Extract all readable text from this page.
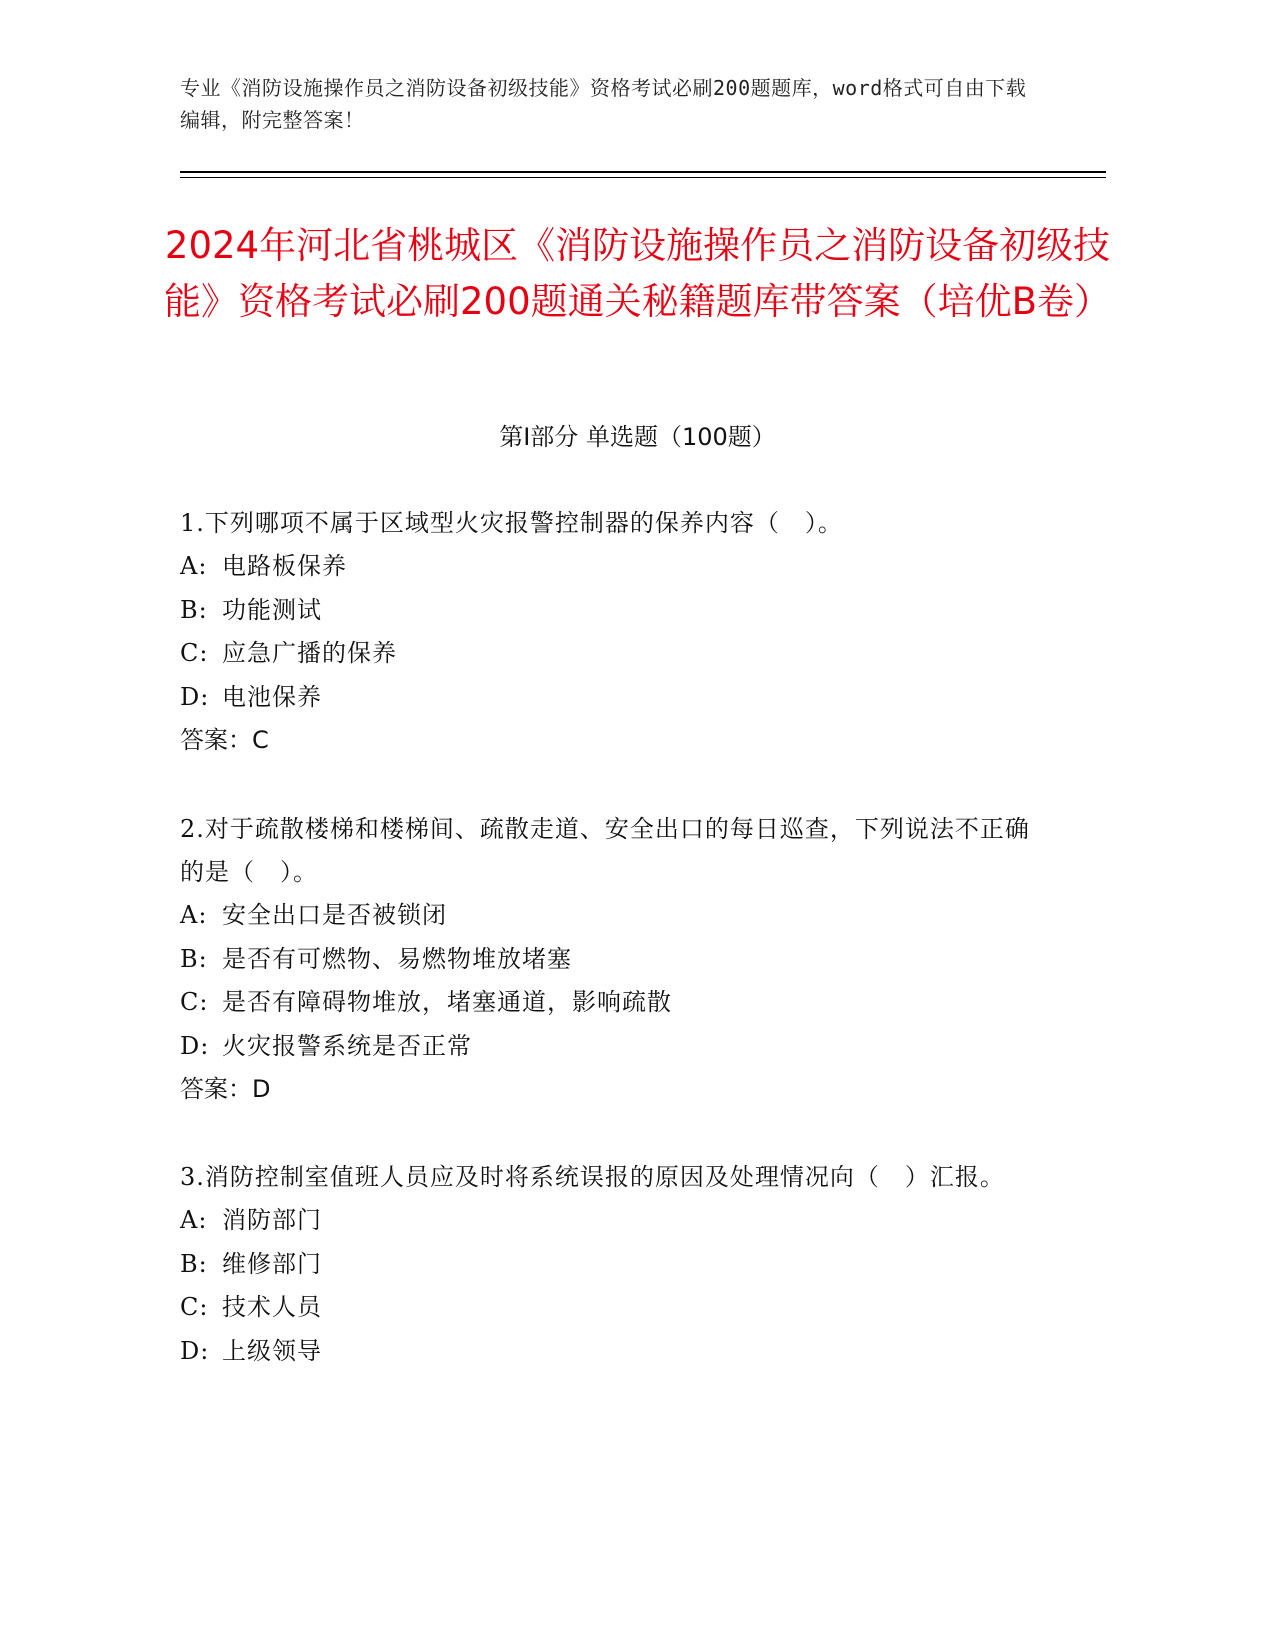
专业《消防设施操作员之消防设备初级技能》资格考试必刷200题题库，word格式可自由下载编辑，附完整答案！
2024年河北省桃城区《消防设施操作员之消防设备初级技能》资格考试必刷200题通关秘籍题库带答案（培优B卷）
第Ⅰ部分 单选题（100题）
1.下列哪项不属于区域型火灾报警控制器的保养内容（　）。
A: 电路板保养
B: 功能测试
C: 应急广播的保养
D: 电池保养
答案：C
2.对于疏散楼梯和楼梯间、疏散走道、安全出口的每日巡查，下列说法不正确的是（　）。
A: 安全出口是否被锁闭
B: 是否有可燃物、易燃物堆放堵塞
C: 是否有障碍物堆放，堵塞通道，影响疏散
D: 火灾报警系统是否正常
答案：D
3.消防控制室值班人员应及时将系统误报的原因及处理情况向（　）汇报。
A: 消防部门
B: 维修部门
C: 技术人员
D: 上级领导
